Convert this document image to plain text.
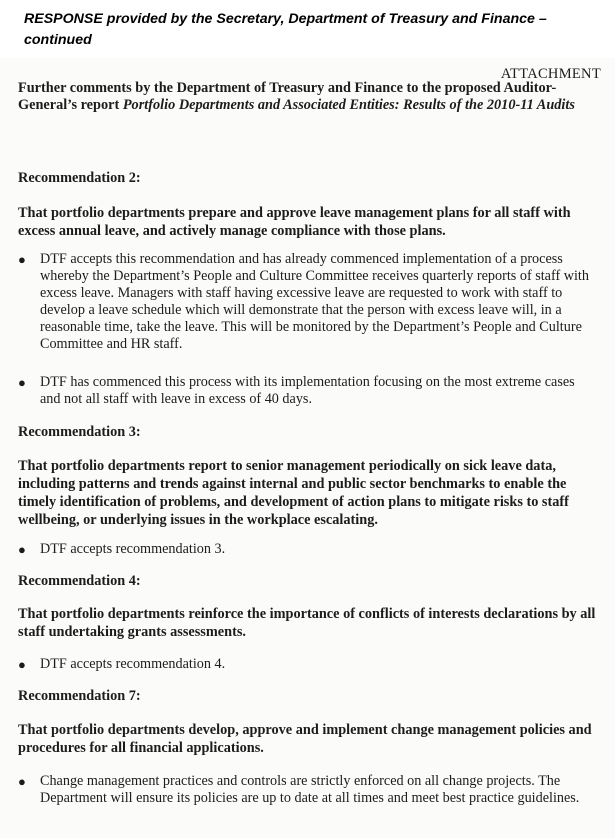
RESPONSE provided by the Secretary, Department of Treasury and Finance – continued
ATTACHMENT
Further comments by the Department of Treasury and Finance to the proposed Auditor-General’s report Portfolio Departments and Associated Entities: Results of the 2010-11 Audits
Recommendation 2:
That portfolio departments prepare and approve leave management plans for all staff with excess annual leave, and actively manage compliance with those plans.
● DTF accepts this recommendation and has already commenced implementation of a process whereby the Department’s People and Culture Committee receives quarterly reports of staff with excess leave. Managers with staff having excessive leave are requested to work with staff to develop a leave schedule which will demonstrate that the person with excess leave will, in a reasonable time, take the leave. This will be monitored by the Department’s People and Culture Committee and HR staff.
● DTF has commenced this process with its implementation focusing on the most extreme cases and not all staff with leave in excess of 40 days.
Recommendation 3:
That portfolio departments report to senior management periodically on sick leave data, including patterns and trends against internal and public sector benchmarks to enable the timely identification of problems, and development of action plans to mitigate risks to staff wellbeing, or underlying issues in the workplace escalating.
● DTF accepts recommendation 3.
Recommendation 4:
That portfolio departments reinforce the importance of conflicts of interests declarations by all staff undertaking grants assessments.
● DTF accepts recommendation 4.
Recommendation 7:
That portfolio departments develop, approve and implement change management policies and procedures for all financial applications.
● Change management practices and controls are strictly enforced on all change projects. The Department will ensure its policies are up to date at all times and meet best practice guidelines.
